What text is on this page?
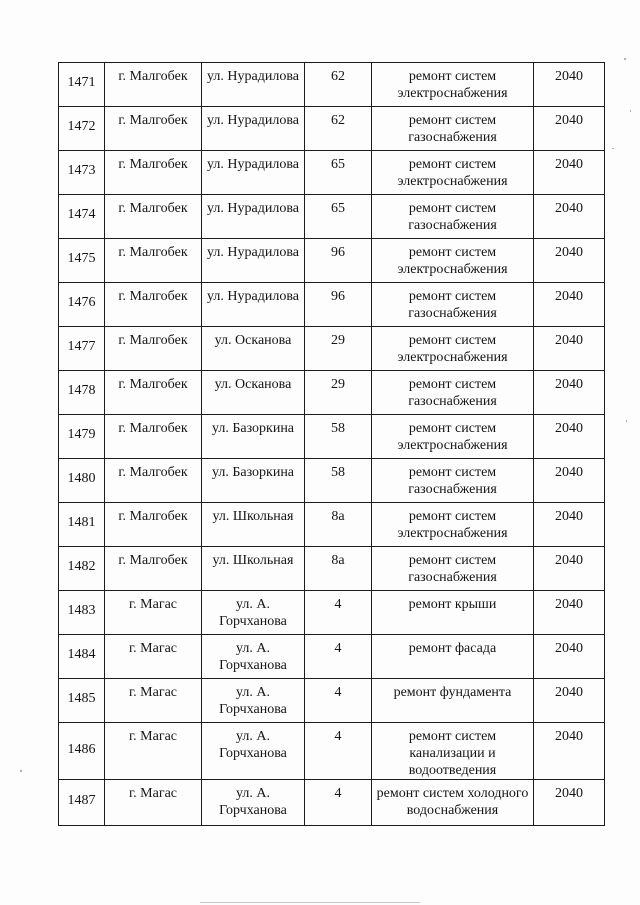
1471	г. Малгобек	ул. Нурадилова	62	ремонт систем электроснабжения	2040
1472	г. Малгобек	ул. Нурадилова	62	ремонт систем газоснабжения	2040
1473	г. Малгобек	ул. Нурадилова	65	ремонт систем электроснабжения	2040
1474	г. Малгобек	ул. Нурадилова	65	ремонт систем газоснабжения	2040
1475	г. Малгобек	ул. Нурадилова	96	ремонт систем электроснабжения	2040
1476	г. Малгобек	ул. Нурадилова	96	ремонт систем газоснабжения	2040
1477	г. Малгобек	ул. Осканова	29	ремонт систем электроснабжения	2040
1478	г. Малгобек	ул. Осканова	29	ремонт систем газоснабжения	2040
1479	г. Малгобек	ул. Базоркина	58	ремонт систем электроснабжения	2040
1480	г. Малгобек	ул. Базоркина	58	ремонт систем газоснабжения	2040
1481	г. Малгобек	ул. Школьная	8а	ремонт систем электроснабжения	2040
1482	г. Малгобек	ул. Школьная	8а	ремонт систем газоснабжения	2040
1483	г. Магас	ул. А. Горчханова	4	ремонт крыши	2040
1484	г. Магас	ул. А. Горчханова	4	ремонт фасада	2040
1485	г. Магас	ул. А. Горчханова	4	ремонт фундамента	2040
1486	г. Магас	ул. А. Горчханова	4	ремонт систем канализации и водоотведения	2040
1487	г. Магас	ул. А. Горчханова	4	ремонт систем холодного водоснабжения	2040
